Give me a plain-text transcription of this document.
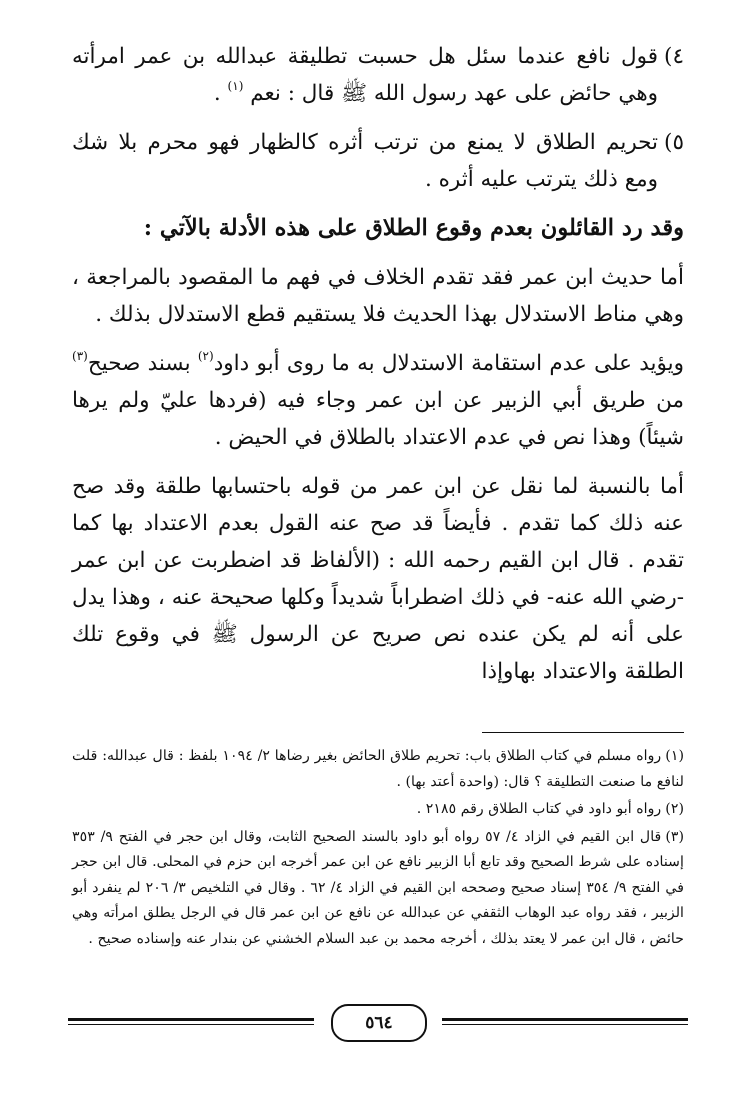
٤)
قول نافع عندما سئل هل حسبت تطليقة عبدالله بن عمر امرأته وهي حائض على عهد رسول الله ﷺ قال : نعم $^{(١)}$ .
٥)
تحريم الطلاق لا يمنع من ترتب أثره كالظهار فهو محرم بلا شك ومع ذلك يترتب عليه أثره .
وقد رد القائلون بعدم وقوع الطلاق على هذه الأدلة بالآتي :

أما حديث ابن عمر فقد تقدم الخلاف في فهم ما المقصود بالمراجعة ، وهي مناط الاستدلال بهذا الحديث فلا يستقيم قطع الاستدلال بذلك .

ويؤيد على عدم استقامة الاستدلال به ما روى أبو داود$^{(٢)}$ بسند صحيح$^{(٣)}$ من طريق أبي الزبير عن ابن عمر وجاء فيه (فردها عليّ ولم يرها شيئاً) وهذا نص في عدم الاعتداد بالطلاق في الحيض .

أما بالنسبة لما نقل عن ابن عمر من قوله باحتسابها طلقة وقد صح عنه ذلك كما تقدم . فأيضاً قد صح عنه القول بعدم الاعتداد بها كما تقدم . قال ابن القيم رحمه الله : (الألفاظ قد اضطربت عن ابن عمر -رضي الله عنه- في ذلك اضطراباً شديداً وكلها صحيحة عنه ، وهذا يدل على أنه لم يكن عنده نص صريح عن الرسول ﷺ في وقوع تلك الطلقة والاعتداد بهاوإذا

(١)رواه مسلم في كتاب الطلاق باب: تحريم طلاق الحائض بغير رضاها ٢/ ١٠٩٤ بلفظ : قال عبدالله: قلت لنافع ما صنعت التطليقة ؟ قال: (واحدة أعتد بها) .

(٢)رواه أبو داود في كتاب الطلاق رقم ٢١٨٥ .

(٣)قال ابن القيم في الزاد ٤/ ٥٧ رواه أبو داود بالسند الصحيح الثابت، وقال ابن حجر في الفتح ٩/ ٣٥٣ إسناده على شرط الصحيح وقد تابع أبا الزبير نافع عن ابن عمر أخرجه ابن حزم في المحلى. قال ابن حجر في الفتح ٩/ ٣٥٤ إسناد صحيح وصححه ابن القيم في الزاد ٤/ ٦٢ . وقال في التلخيص ٣/ ٢٠٦ لم ينفرد أبو الزبير ، فقد رواه عبد الوهاب الثقفي عن عبدالله عن نافع عن ابن عمر قال في الرجل يطلق امرأته وهي حائض ، قال ابن عمر لا يعتد بذلك ، أخرجه محمد بن عبد السلام الخشني عن بندار عنه وإسناده صحيح .

٥٦٤
